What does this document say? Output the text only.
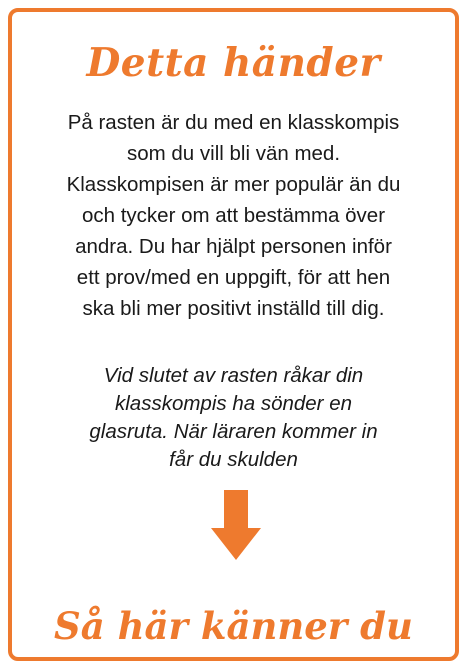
Detta händer
På rasten är du med en klasskompis
som du vill bli vän med.
Klasskompisen är mer populär än du
och tycker om att bestämma över
andra. Du har hjälpt personen inför
ett prov/med en uppgift, för att hen
ska bli mer positivt inställd till dig.
Vid slutet av rasten råkar din
klasskompis ha sönder en
glasruta. När läraren kommer in
får du skulden
Så här känner du
